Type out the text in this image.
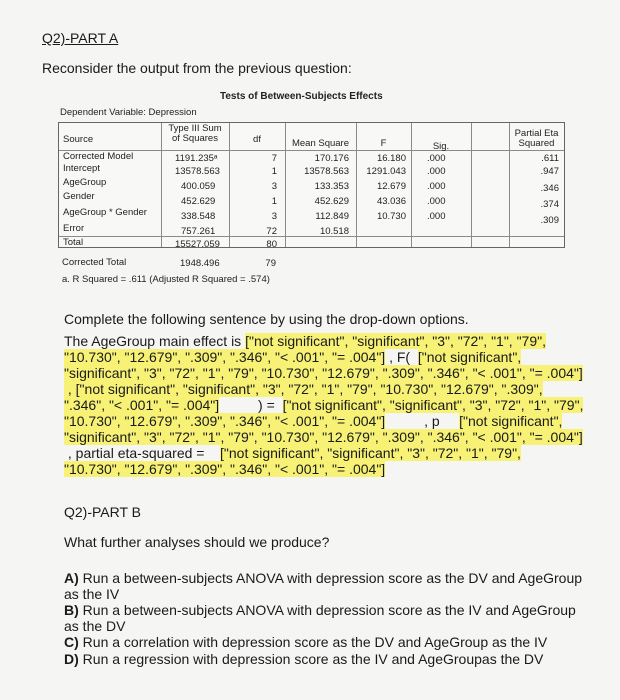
Q2)-PART A
Reconsider the output from the previous question:
Tests of Between-Subjects Effects
Dependent Variable: Depression
Source
Type III Sum
of Squares	df	Mean Square	F	Sig.
Partial Eta
Squared
Corrected Model	1191.235ᵃ	7	170.176	16.180 .000	.611
Intercept	13578.563	1	13578.563	1291.043 .000	.947
AgeGroup	400.059	3	133.353	12.679 .000	.346
Gender	452.629	1	452.629	43.036 .000	.374
AgeGroup * Gender	338.548	3	112.849	10.730 .000	.309
Error	757.261	72	10.518
Total	15527.059	80
Corrected Total	1948.496	79
a. R Squared = .611 (Adjusted R Squared = .574)
Complete the following sentence by using the drop-down options.
The AgeGroup main effect is ["not significant", "significant", "3", "72", "1", "79",
"10.730", "12.679", ".309", ".346", "< .001", "= .004"] , F(  ["not significant",
"significant", "3", "72", "1", "79", "10.730", "12.679", ".309", ".346", "< .001", "= .004"]
, ["not significant", "significant", "3", "72", "1", "79", "10.730", "12.679", ".309",
".346", "< .001", "= .004"]          ) =  ["not significant", "significant", "3", "72", "1", "79",
"10.730", "12.679", ".309", ".346", "< .001", "= .004"]          , p     ["not significant",
"significant", "3", "72", "1", "79", "10.730", "12.679", ".309", ".346", "< .001", "= .004"]
, partial eta-squared =    ["not significant", "significant", "3", "72", "1", "79",
"10.730", "12.679", ".309", ".346", "< .001", "= .004"]
Q2)-PART B
What further analyses should we produce?
A) Run a between-subjects ANOVA with depression score as the DV and AgeGroup
as the IV
B) Run a between-subjects ANOVA with depression score as the IV and AgeGroup
as the DV
C) Run a correlation with depression score as the DV and AgeGroup as the IV
D) Run a regression with depression score as the IV and AgeGroupas the DV
